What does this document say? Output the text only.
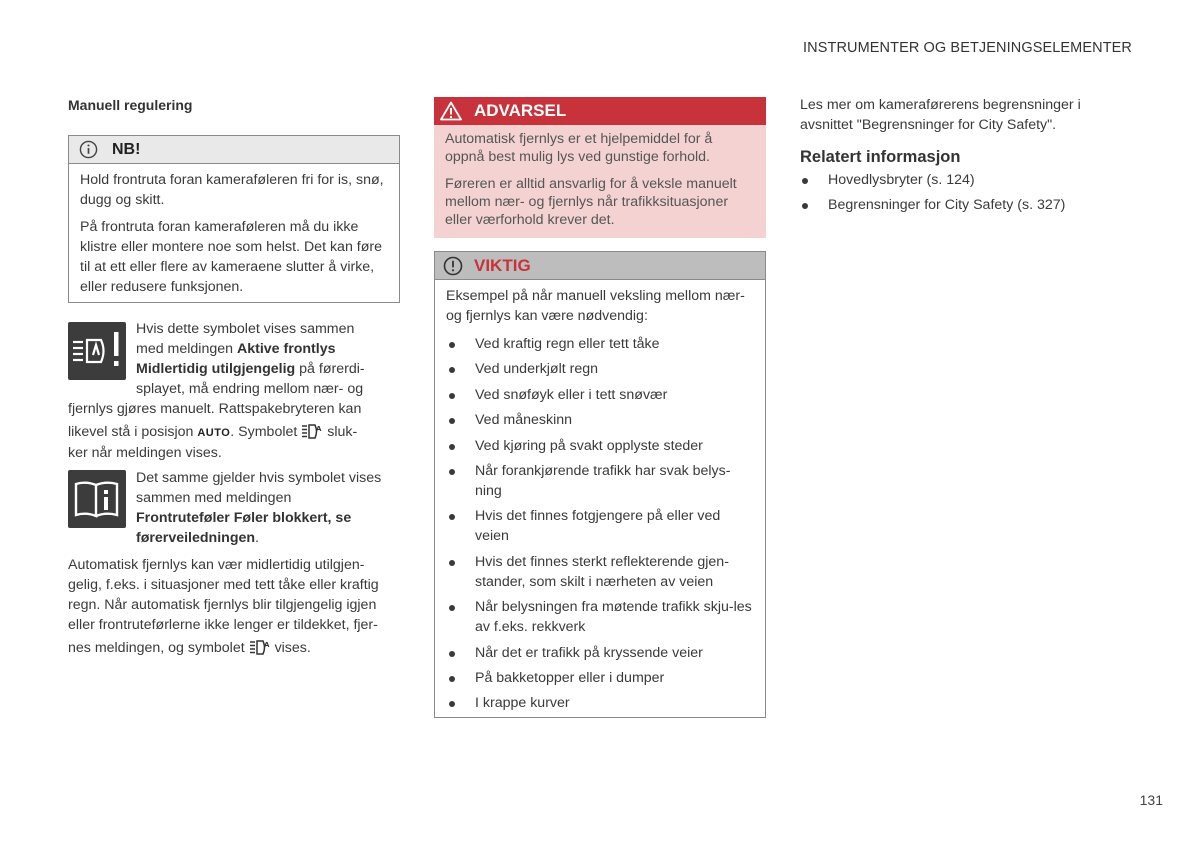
INSTRUMENTER OG BETJENINGSELEMENTER
131
Manuell regulering
NB!

Hold frontruta foran kameraføleren fri for is, snø, dugg og skitt.

På frontruta foran kameraføleren må du ikke klistre eller montere noe som helst. Det kan føre til at ett eller flere av kameraene slutter å virke, eller redusere funksjonen.

Hvis dette symbolet vises sammen

med meldingen Aktive frontlys

Midlertidig utilgjengelig på førerdi-

splayet, må endring mellom nær- og

fjernlys gjøres manuelt. Rattspakebryteren kan

likevel stå i posisjon AUTO. Symbolet A sluk-

ker når meldingen vises.

Det samme gjelder hvis symbolet vises

sammen med meldingen

Frontruteføler Føler blokkert, se

førerveiledningen.

Automatisk fjernlys kan vær midlertidig utilgjen-

gelig, f.eks. i situasjoner med tett tåke eller kraftig

regn. Når automatisk fjernlys blir tilgjengelig igjen

eller frontruteførlerne ikke lenger er tildekket, fjer-

nes meldingen, og symbolet A vises.

ADVARSEL

Automatisk fjernlys er et hjelpemiddel for å oppnå best mulig lys ved gunstige forhold.

Føreren er alltid ansvarlig for å veksle manuelt mellom nær- og fjernlys når trafikksituasjoner eller værforhold krever det.

VIKTIG

Eksempel på når manuell veksling mellom nær- og fjernlys kan være nødvendig:

Ved kraftig regn eller tett tåke
Ved underkjølt regn
Ved snøføyk eller i tett snøvær
Ved måneskinn
Ved kjøring på svakt opplyste steder
Når forankjørende trafikk har svak belys-ning
Hvis det finnes fotgjengere på eller ved veien
Hvis det finnes sterkt reflekterende gjen-stander, som skilt i nærheten av veien
Når belysningen fra møtende trafikk skju-les av f.eks. rekkverk
Når det er trafikk på kryssende veier
På bakketopper eller i dumper
I krappe kurver
Les mer om kameraførerens begrensninger i avsnittet "Begrensninger for City Safety".
Relatert informasjon
Hovedlysbryter (s. 124)
Begrensninger for City Safety (s. 327)
